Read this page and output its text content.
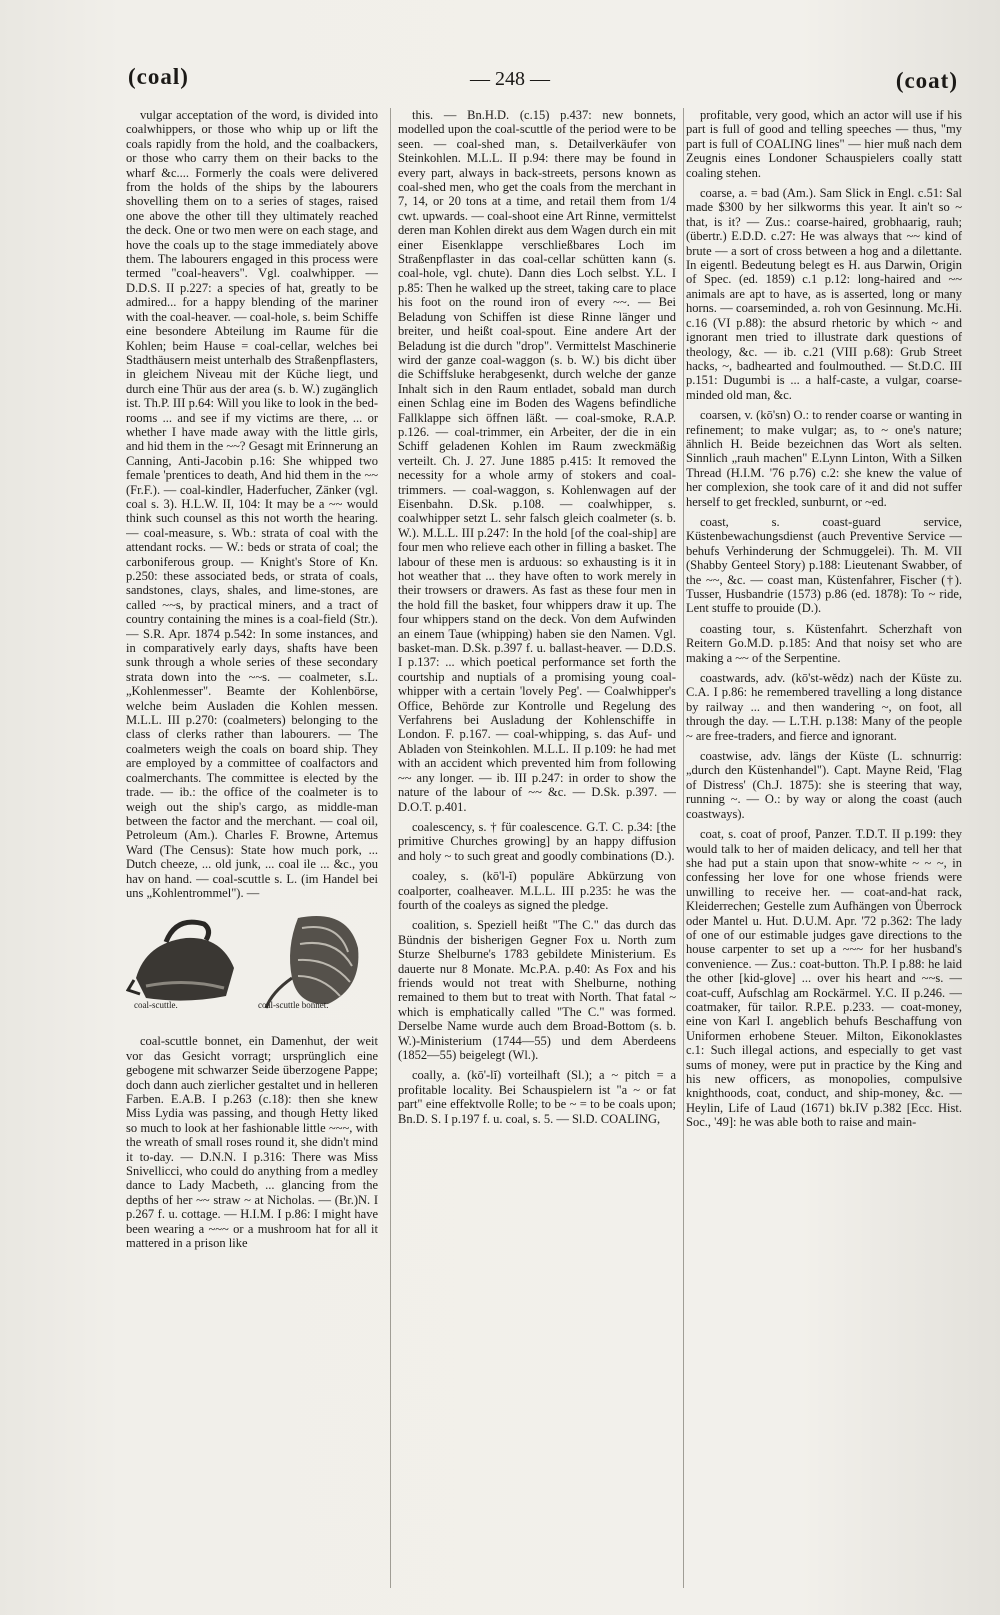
(coal)	— 248 —	(coat)

vulgar acceptation of the word, is divided into coalwhippers, or those who whip up or lift the coals rapidly from the hold, and the coalbackers, or those who carry them on their backs to the wharf &c.... Formerly the coals were delivered from the holds of the ships by the labourers shovelling them on to a series of stages, raised one above the other till they ultimately reached the deck. One or two men were on each stage, and hove the coals up to the stage immediately above them. The labourers engaged in this process were termed "coal-heavers". Vgl. coalwhipper. — D.D.S. II p.227: a species of hat, greatly to be admired... for a happy blending of the mariner with the coal-heaver. — coal-hole, s. beim Schiffe eine besondere Abteilung im Raume für die Kohlen; beim Hause = coal-cellar, welches bei Stadthäusern meist unterhalb des Straßenpflasters, in gleichem Niveau mit der Küche liegt, und durch eine Thür aus der area (s. b. W.) zugänglich ist. Th.P. III p.64: Will you like to look in the bed-rooms ... and see if my victims are there, ... or whether I have made away with the little girls, and hid them in the ~~? Gesagt mit Erinnerung an Canning, Anti-Jacobin p.16: She whipped two female 'prentices to death, And hid them in the ~~ (Fr.F.). — coal-kindler, Haderfucher, Zänker (vgl. coal s. 3). H.L.W. II, 104: It may be a ~~ would think such counsel as this not worth the hearing. — coal-measure, s. Wb.: strata of coal with the attendant rocks. — W.: beds or strata of coal; the carboniferous group. — Knight's Store of Kn. p.250: these associated beds, or strata of coals, sandstones, clays, shales, and lime-stones, are called ~~s, by practical miners, and a tract of country containing the mines is a coal-field (Str.). — S.R. Apr. 1874 p.542: In some instances, and in comparatively early days, shafts have been sunk through a whole series of these secondary strata down into the ~~s. — coalmeter, s.L. „Kohlenmesser". Beamte der Kohlenbörse, welche beim Ausladen die Kohlen messen. M.L.L. III p.270: (coalmeters) belonging to the class of clerks rather than labourers. — The coalmeters weigh the coals on board ship. They are employed by a committee of coalfactors and coalmerchants. The committee is elected by the trade. — ib.: the office of the coalmeter is to weigh out the ship's cargo, as middle-man between the factor and the merchant. — coal oil, Petroleum (Am.). Charles F. Browne, Artemus Ward (The Census): State how much pork, ... Dutch cheeze, ... old junk, ... coal ile ... &c., you hav on hand. — coal-scuttle s. L. (im Handel bei uns „Kohlentrommel"). —

coal-scuttle.	coal-scuttle bonnet.

coal-scuttle bonnet, ein Damenhut, der weit vor das Gesicht vorragt; ursprünglich eine gebogene mit schwarzer Seide überzogene Pappe; doch dann auch zierlicher gestaltet und in helleren Farben. E.A.B. I p.263 (c.18): then she knew Miss Lydia was passing, and though Hetty liked so much to look at her fashionable little ~~~, with the wreath of small roses round it, she didn't mind it to-day. — D.N.N. I p.316: There was Miss Snivellicci, who could do anything from a medley dance to Lady Macbeth, ... glancing from the depths of her ~~ straw ~ at Nicholas. — (Br.)N. I p.267 f. u. cottage. — H.I.M. I p.86: I might have been wearing a ~~~ or a mushroom hat for all it mattered in a prison like

this. — Bn.H.D. (c.15) p.437: new bonnets, modelled upon the coal-scuttle of the period were to be seen. — coal-shed man, s. Detailverkäufer von Steinkohlen. M.L.L. II p.94: there may be found in every part, always in back-streets, persons known as coal-shed men, who get the coals from the merchant in 7, 14, or 20 tons at a time, and retail them from 1/4 cwt. upwards. — coal-shoot eine Art Rinne, vermittelst deren man Kohlen direkt aus dem Wagen durch ein mit einer Eisenklappe verschließbares Loch im Straßenpflaster in das coal-cellar schütten kann (s. coal-hole, vgl. chute). Dann dies Loch selbst. Y.L. I p.85: Then he walked up the street, taking care to place his foot on the round iron of every ~~. — Bei Beladung von Schiffen ist diese Rinne länger und breiter, und heißt coal-spout. Eine andere Art der Beladung ist die durch "drop". Vermittelst Maschinerie wird der ganze coal-waggon (s. b. W.) bis dicht über die Schiffsluke herabgesenkt, durch welche der ganze Inhalt sich in den Raum entladet, sobald man durch einen Schlag eine im Boden des Wagens befindliche Fallklappe sich öffnen läßt. — coal-smoke, R.A.P. p.126. — coal-trimmer, ein Arbeiter, der die in ein Schiff geladenen Kohlen im Raum zweckmäßig verteilt. Ch. J. 27. June 1885 p.415: It removed the necessity for a whole army of stokers and coal-trimmers. — coal-waggon, s. Kohlenwagen auf der Eisenbahn. D.Sk. p.108. — coalwhipper, s. coalwhipper setzt L. sehr falsch gleich coalmeter (s. b. W.). M.L.L. III p.247: In the hold [of the coal-ship] are four men who relieve each other in filling a basket. The labour of these men is arduous: so exhausting is it in hot weather that ... they have often to work merely in their trowsers or drawers. As fast as these four men in the hold fill the basket, four whippers draw it up. The four whippers stand on the deck. Von dem Aufwinden an einem Taue (whipping) haben sie den Namen. Vgl. basket-man. D.Sk. p.397 f. u. ballast-heaver. — D.D.S. I p.137: ... which poetical performance set forth the courtship and nuptials of a promising young coal-whipper with a certain 'lovely Peg'. — Coalwhipper's Office, Behörde zur Kontrolle und Regelung des Verfahrens bei Ausladung der Kohlenschiffe in London. F. p.167. — coal-whipping, s. das Auf- und Abladen von Steinkohlen. M.L.L. II p.109: he had met with an accident which prevented him from following ~~ any longer. — ib. III p.247: in order to show the nature of the labour of ~~ &c. — D.Sk. p.397. — D.O.T. p.401.

coalescency, s. † für coalescence. G.T. C. p.34: [the primitive Churches growing] by an happy diffusion and holy ~ to such great and goodly combinations (D.).

coaley, s. (kō'l-ĭ) populäre Abkürzung von coalporter, coalheaver. M.L.L. III p.235: he was the fourth of the coaleys as signed the pledge.

coalition, s. Speziell heißt "The C." das durch das Bündnis der bisherigen Gegner Fox u. North zum Sturze Shelburne's 1783 gebildete Ministerium. Es dauerte nur 8 Monate. Mc.P.A. p.40: As Fox and his friends would not treat with Shelburne, nothing remained to them but to treat with North. That fatal ~ which is emphatically called "The C." was formed. Derselbe Name wurde auch dem Broad-Bottom (s. b. W.)-Ministerium (1744—55) und dem Aberdeens (1852—55) beigelegt (Wl.).

coally, a. (kō'-lĭ) vorteilhaft (Sl.); a ~ pitch = a profitable locality. Bei Schauspielern ist "a ~ or fat part" eine effektvolle Rolle; to be ~ = to be coals upon; Bn.D. S. I p.197 f. u. coal, s. 5. — Sl.D. COALING,

profitable, very good, which an actor will use if his part is full of good and telling speeches — thus, "my part is full of COALING lines" — hier muß nach dem Zeugnis eines Londoner Schauspielers coally statt coaling stehen.

coarse, a. = bad (Am.). Sam Slick in Engl. c.51: Sal made $300 by her silkworms this year. It ain't so ~ that, is it? — Zus.: coarse-haired, grobhaarig, rauh; (übertr.) E.D.D. c.27: He was always that ~~ kind of brute — a sort of cross between a hog and a dilettante. In eigentl. Bedeutung belegt es H. aus Darwin, Origin of Spec. (ed. 1859) c.1 p.12: long-haired and ~~ animals are apt to have, as is asserted, long or many horns. — coarseminded, a. roh von Gesinnung. Mc.Hi. c.16 (VI p.88): the absurd rhetoric by which ~ and ignorant men tried to illustrate dark questions of theology, &c. — ib. c.21 (VIII p.68): Grub Street hacks, ~, badhearted and foulmouthed. — St.D.C. III p.151: Dugumbi is ... a half-caste, a vulgar, coarse-minded old man, &c.

coarsen, v. (kō'sn) O.: to render coarse or wanting in refinement; to make vulgar; as, to ~ one's nature; ähnlich H. Beide bezeichnen das Wort als selten. Sinnlich „rauh machen" E.Lynn Linton, With a Silken Thread (H.I.M. '76 p.76) c.2: she knew the value of her complexion, she took care of it and did not suffer herself to get freckled, sunburnt, or ~ed.

coast, s. coast-guard service, Küstenbewachungsdienst (auch Preventive Service — behufs Verhinderung der Schmuggelei). Th. M. VII (Shabby Genteel Story) p.188: Lieutenant Swabber, of the ~~, &c. — coast man, Küstenfahrer, Fischer (†). Tusser, Husbandrie (1573) p.86 (ed. 1878): To ~ ride, Lent stuffe to prouide (D.).

coasting tour, s. Küstenfahrt. Scherzhaft von Reitern Go.M.D. p.185: And that noisy set who are making a ~~ of the Serpentine.

coastwards, adv. (kō'st-wĕdz) nach der Küste zu. C.A. I p.86: he remembered travelling a long distance by railway ... and then wandering ~, on foot, all through the day. — L.T.H. p.138: Many of the people ~ are free-traders, and fierce and ignorant.

coastwise, adv. längs der Küste (L. schnurrig: „durch den Küstenhandel"). Capt. Mayne Reid, 'Flag of Distress' (Ch.J. 1875): she is steering that way, running ~. — O.: by way or along the coast (auch coastways).

coat, s. coat of proof, Panzer. T.D.T. II p.199: they would talk to her of maiden delicacy, and tell her that she had put a stain upon that snow-white ~ ~ ~, in confessing her love for one whose friends were unwilling to receive her. — coat-and-hat rack, Kleiderrechen; Gestelle zum Aufhängen von Überrock oder Mantel u. Hut. D.U.M. Apr. '72 p.362: The lady of one of our estimable judges gave directions to the house carpenter to set up a ~~~ for her husband's convenience. — Zus.: coat-button. Th.P. I p.88: he laid the other [kid-glove] ... over his heart and ~~s. — coat-cuff, Aufschlag am Rockärmel. Y.C. II p.246. — coatmaker, für tailor. R.P.E. p.233. — coat-money, eine von Karl I. angeblich behufs Beschaffung von Uniformen erhobene Steuer. Milton, Eikonoklastes c.1: Such illegal actions, and especially to get vast sums of money, were put in practice by the King and his new officers, as monopolies, compulsive knighthoods, coat, conduct, and ship-money, &c. — Heylin, Life of Laud (1671) bk.IV p.382 [Ecc. Hist. Soc., '49]: he was able both to raise and main-
